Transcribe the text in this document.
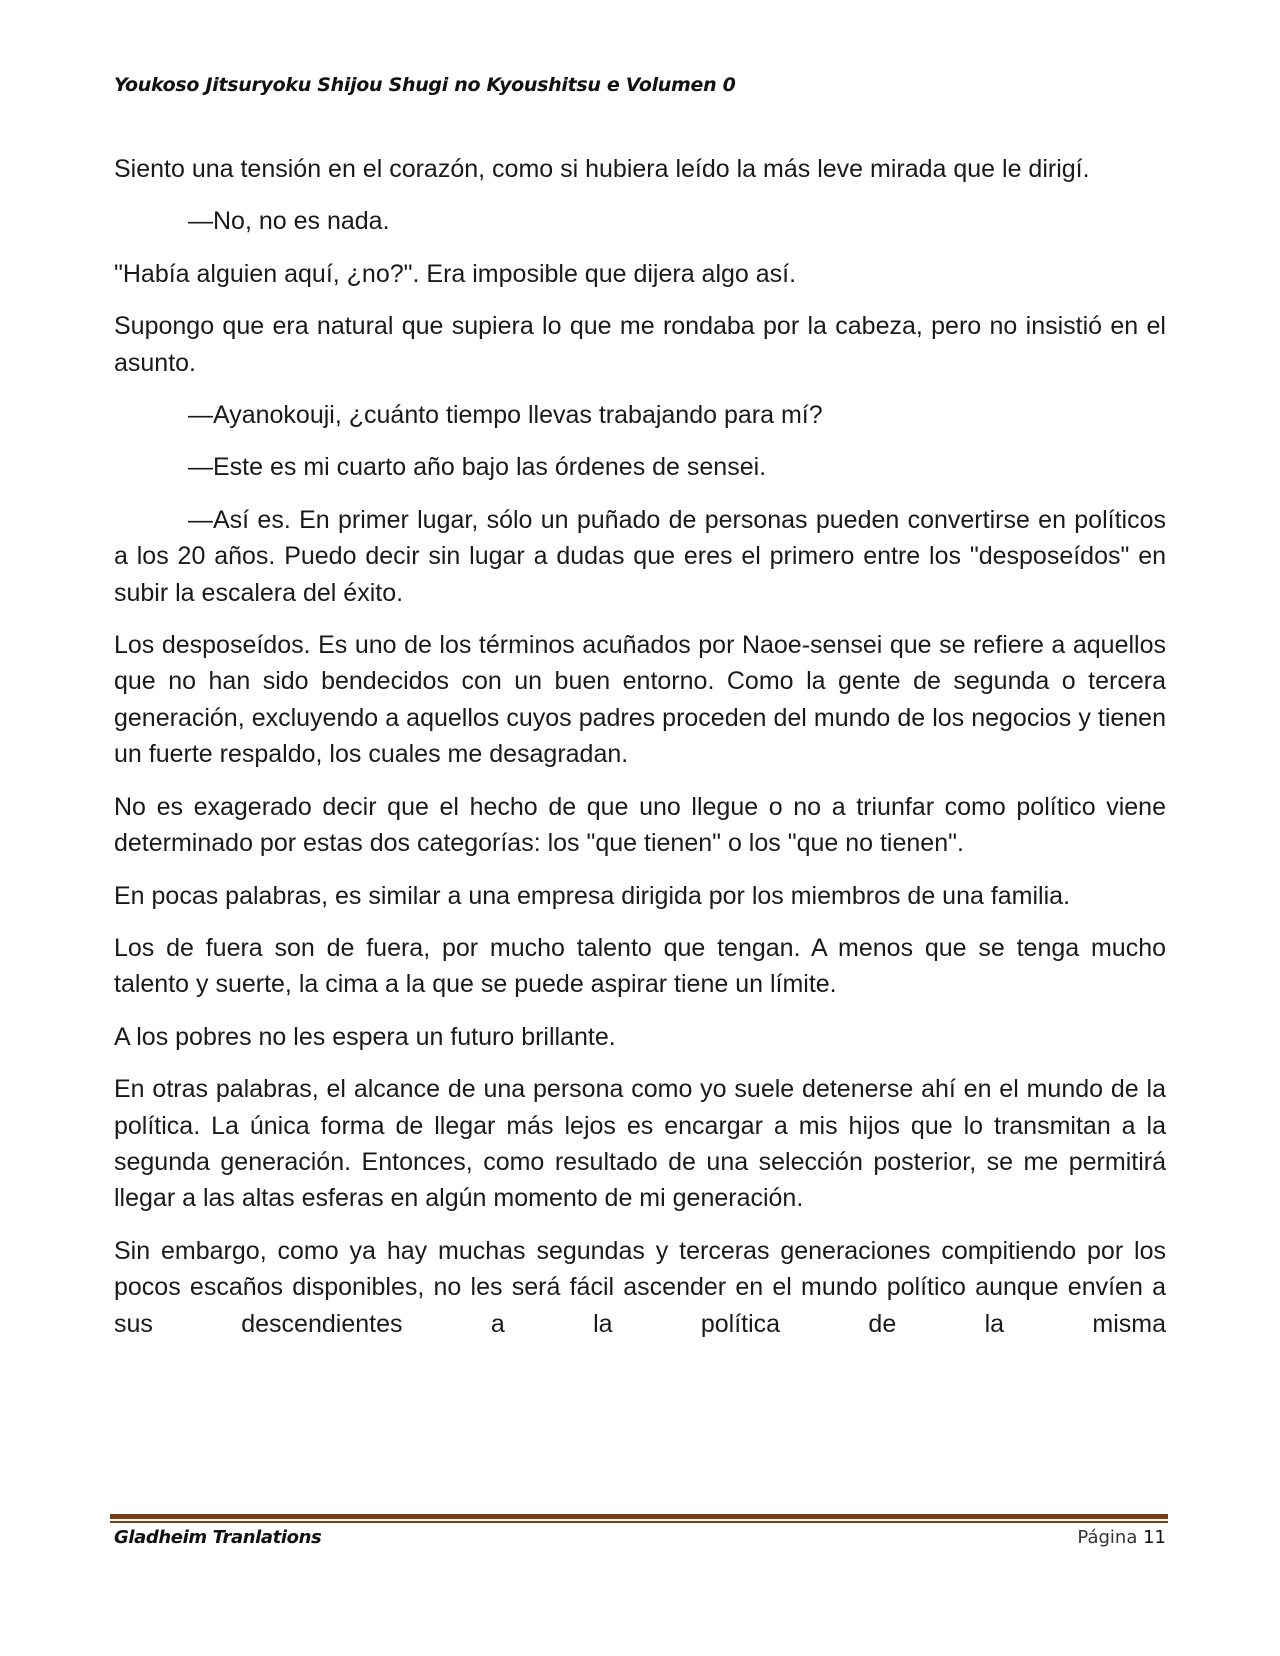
Youkoso Jitsuryoku Shijou Shugi no Kyoushitsu e Volumen 0

Siento una tensión en el corazón, como si hubiera leído la más leve mirada que le dirigí.

—No, no es nada.

"Había alguien aquí, ¿no?". Era imposible que dijera algo así.

Supongo que era natural que supiera lo que me rondaba por la cabeza, pero no insistió en el asunto.

—Ayanokouji, ¿cuánto tiempo llevas trabajando para mí?

—Este es mi cuarto año bajo las órdenes de sensei.

—Así es. En primer lugar, sólo un puñado de personas pueden convertirse en políticos a los 20 años. Puedo decir sin lugar a dudas que eres el primero entre los "desposeídos" en subir la escalera del éxito.

Los desposeídos. Es uno de los términos acuñados por Naoe-sensei que se refiere a aquellos que no han sido bendecidos con un buen entorno. Como la gente de segunda o tercera generación, excluyendo a aquellos cuyos padres proceden del mundo de los negocios y tienen un fuerte respaldo, los cuales me desagradan.

No es exagerado decir que el hecho de que uno llegue o no a triunfar como político viene determinado por estas dos categorías: los "que tienen" o los "que no tienen".

En pocas palabras, es similar a una empresa dirigida por los miembros de una familia.

Los de fuera son de fuera, por mucho talento que tengan. A menos que se tenga mucho talento y suerte, la cima a la que se puede aspirar tiene un límite.

A los pobres no les espera un futuro brillante.

En otras palabras, el alcance de una persona como yo suele detenerse ahí en el mundo de la política. La única forma de llegar más lejos es encargar a mis hijos que lo transmitan a la segunda generación. Entonces, como resultado de una selección posterior, se me permitirá llegar a las altas esferas en algún momento de mi generación.

Sin embargo, como ya hay muchas segundas y terceras generaciones compitiendo por los pocos escaños disponibles, no les será fácil ascender en el mundo político aunque envíen a sus descendientes a la política de la misma

Gladheim Tranlations	Página 11
